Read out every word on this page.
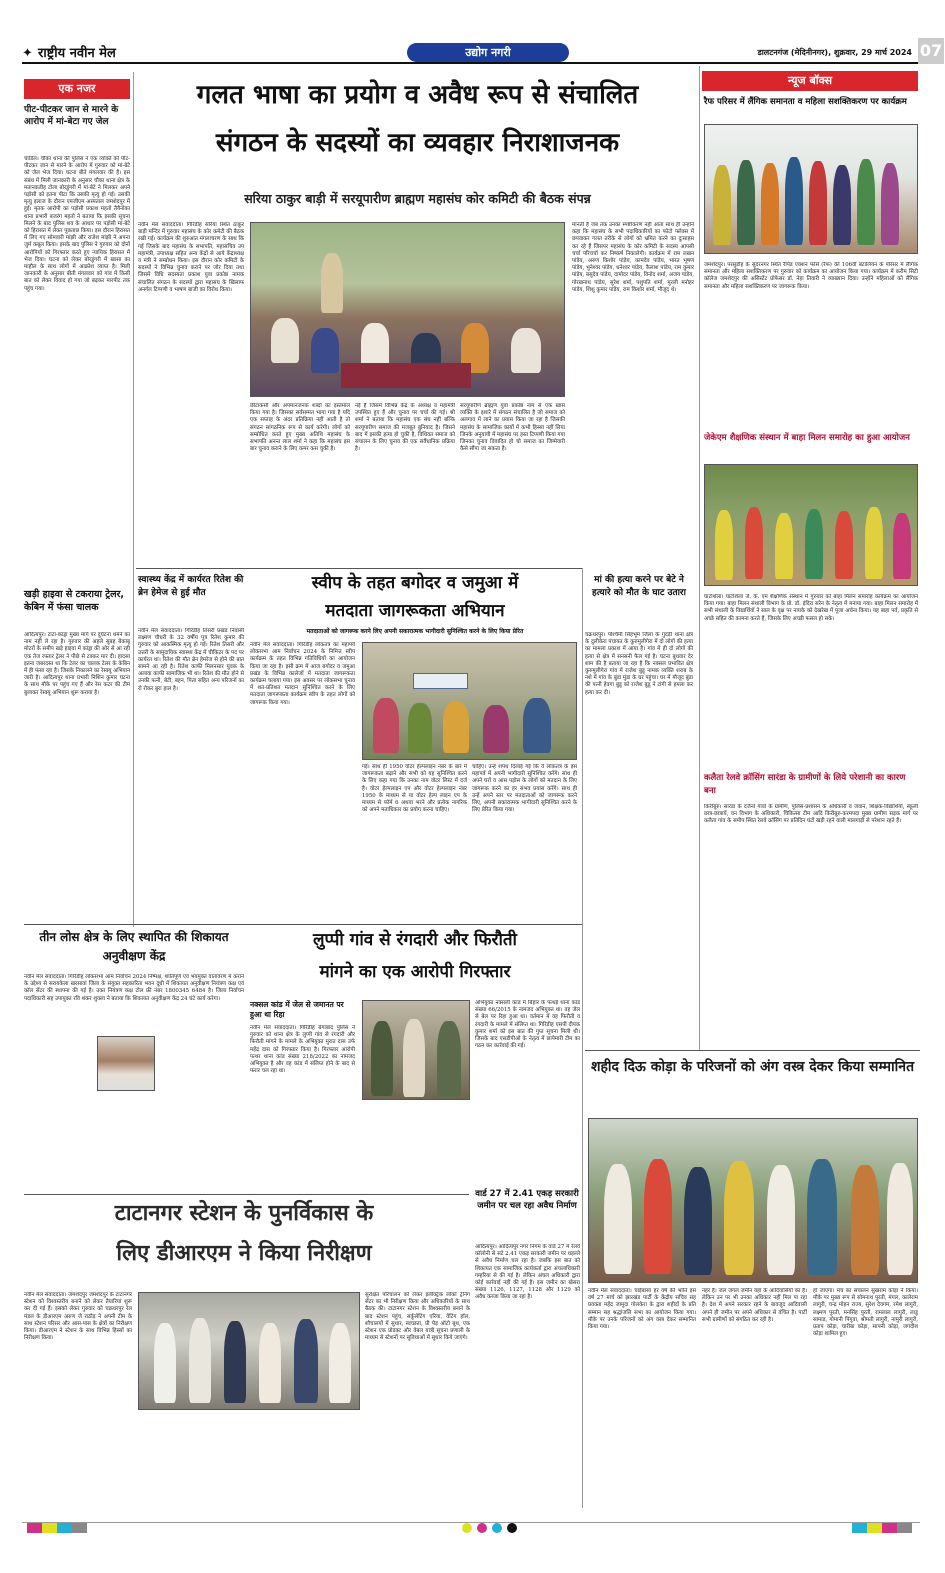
✦ राष्ट्रीय नवीन मेल	उद्योग नगरी	डालटनगंज (मेदिनीनगर), शुक्रवार, 29 मार्च 2024 07
एक नजर
पीट-पीटकर जान से मारने के आरोप में मां-बेटा गए जेल
चाडिल। चौका थाना की पुलिस ने एक व्यक्ति को पीट-पीटकर जान से मारने के आरोप में गुरुवार को मां-बेटे को जेल भेज दिया। घटना बीते मंगलवार की है। इस संबंध में मिली जानकारी के अनुसार चौका थाना क्षेत्र के मतानकडीह टोला बोरडुंगरी में मां-बेटे ने मिलकर अपने पड़ोसी को इतना पीटा कि उसकी मृत्यु हो गई। उसकी मृत्यु इलाज के दौरान एमजीएम अस्पताल जमशेदपुर में हुई। मृतक आरोपी का पड़ोसी प्रकाश महतो तैयैनोका थाना प्रभारी बजरंग महतो ने बताया कि इसकी सूचना मिलने के बाद पुलिस शव के आधार पर पड़ोसी मां-बेटे को हिरासत में लेकर पूछताछ किया। इस दौरान हिरासत में लिए गए सोमवारी मांझी और राजेश मांझी ने अपना जुर्म कबूल किया। इसके बाद पुलिस ने गुरुवार को दोनों आरोपियों को गिरफ्तार करते हुए न्यायिक हिरासत में भेज दिया। घटना को लेकर बोरडुंगरी में खासा का माहौल के साथ लोगों में आक्रोश व्याप्त है। मिली जानकारी के अनुसार बीती मंगलवार को गांव में किसी बात को लेकर विवाद हो गया जो बढ़कर मारपीट तक पहुंच गया।
खड़ी हाइवा से टकराया ट्रेलर, केबिन में फंसा चालक
आदित्यपुर। टाटा-कांड्रा मुख्य मार्ग पर दुर्घटना थमने का नाम नहीं ले रहा है। गुरुवार की अहले सुबह बेकाबू मोटरों के समीप खड़े हाइवा में कांड्रा की ओर से आ रही एक तेज रफ्तार ट्रेलर ने पीछे से टक्कर मार दी। हादसा इतना जबरदस्त था कि टेलर का चालक टेलर के केबिन में ही फंसा रहा है। जिसके निकालने का रेस्क्यू अभियान जारी है। आदित्यपुर थाना प्रभारी निशिन कुमार घटना के साथ मौके पर पहुंच गए हैं और रेस कटर की टीम बुलाकर रेस्क्यू अभियान शुरू कराया है।
गलत भाषा का प्रयोग व अवैध रूप से संचालित
संगठन के सदस्यों का व्यवहार निराशाजनक
सरिया ठाकुर बाड़ी में सरयूपारीण ब्राह्मण महासंघ कोर कमिटी की बैठक संपन्न
नवीन मेल संवाददाता। गिरिडीह सरिया स्थित ठाकुर बाड़ी मन्दिर में गुरुवार महासंघ के कोर कमेटी की बैठक रखी गई। कार्यक्रम की शुरुआत मंगलाचरण के साथ कि गई जिसके बाद महासंघ के सभापति, महासचिव उप महामंत्री, उपाध्यक्ष सहित अन्य केंद्रों से आये केंद्राध्यक्ष व मंत्री ने सम्बोधन किया। इस दौरान कोर कमिटी के सदस्यों ने विभिन्न चुनाव कराने पर जोर दिया तथा जिसमें विधि सदस्यता प्रकाश युवा प्रकोष्ठ नामक संचालित संगठन के सदस्यों द्वारा महासंघ के खिलाफ अनर्गल टिप्पणी व भाषण बाजी का विरोध किया।
छीटाकसी और अपमानजनक शब्दों का इस्तेमाल किया गया है। जिसका सर्वसम्मत भागा गया है यदि एक सप्ताह के अंदर प्रतिक्रिया नहीं आती है तो संगठन सांगठनिक रूप से कार्य करेगी। लोगों को सम्बोधित करते हुए मुख्य अतिथि महासंघ के सभापति अनन्त लाल शर्मा ने कहा कि महासंघ इस बार चुनाव कराने के लिए कमर कस चुकी है।
नई है जिसमें विभिन्न केंद्र के अध्यक्ष व महामंत्री उपस्थित हुए हैं और चुनाव पर चर्चा की गई। श्री शर्मा ने बताया कि महासंघ एक संघ नहीं बल्कि सरयूपारीण समाज की मजबूत बुनियाद है। जिसने बाद में इसकी हत्या हो चुकी है, विधिवत समाज को संचालन के लिए चुनाव की एक सर्वैधानिक प्रक्रिया है।
सरयूपारीण ब्राह्मण युवा प्रकोष्ठ नाम से एक खास व्यक्ति के इशारे में संगठन संचालित है जो समाज को अलगाव में लाने का प्रयास किया जा रहा है जिसकी महासंघ के सामाजिक कार्यो में कभी हिस्सा नहीं लिया जिनके अनुयायी में महासंघ पर हस्त टिप्पणी किया गया जिनका चुनाव विवादित हो चो समाज का जिम्मेवारी कैसे सौंपा जा सकता है।
मानती है जब तक उनका स्पष्टीकरण नहीं आता साथ ही उन्होंने कहा कि महासंघ के सभी पदाधिकारियों का फोटो फ्लेक्स में छपवाकर गलत तरीके से लोगों को भ्रमित करने का दुःसाहस कर रहे हैं जिसपर महासंघ के कोर कमिटी के सदस्य आपसी चर्चा परिचर्चा कर निष्कर्ष निकालेगी। कार्यक्रम में राम लखन पांडेय, अरुण किशोर पांडेय, कामदेव पांडेय, भारत भूषण पांडेय, भुनेश्वर पांडेय, धनेश्वर पांडेय, कैलाश पांडेय, राम कुमार पांडेय, बसुदेव पांडेय, दामोदर पांडेय, विनोद शर्मा, अजय पांडेय, गोरखनाथ पांडेय, सुरेश शर्मा, पशुपति शर्मा, मुरली मनोहर पांडेय, शिशु कुमार पांडेय, राम किशोर शर्मा, मौजूद थे।
स्वास्थ्य केंद्र में कार्यरत रितेश की ब्रेन हेमेज से हुई मौत
नवीन मेल संवाददाता। गिरिडीह तिसरी प्रखंड निवासी लक्ष्मण चौधरी के 32 वर्षीय पुत्र रितेश कुमार की गुरुवार को आकस्मिक मृत्यु हो गई। रितेश तिसरी और उत्तरी के सामुदायिक स्वास्थ्य केंद्र में चीकिटर के पद पर कार्यरत था। रितेश की मौत ब्रेन हेमरेज से होने की बात सामने आ रही है। रितेश काफी मिलनसार युवक के अलावा काफी सामाजिक भी था। रितेश की मौत होने से उनकी पत्नी, बेटी, बहन, पिता सहित अन्य परिजनों का रो रोकर बुरा हाल है।
स्वीप के तहत बगोदर व जमुआ में
मतदाता जागरूकता अभियान
मतदाताओं को जागरूक करने लिए अपनी सकारात्मक भागीदारी सुनिश्चित करने के लिए किया प्रेरित
नवीन मेल संवाददाता। गिरिडीह लोकतंत्र का महापर्व लोकसभा आम निर्वाचन 2024 के निमित्त स्वीप कार्यक्रम के तहत विभिन्न गतिविधियों का आयोजन किया जा रहा है। इसी क्रम में आज बगोदर व जमुआ प्रखंड के विभिन्न कालेजों में मतदाता जागरूकता कार्यक्रम चलाया गया। इस अवसर पर लोकसभा चुनाव में शत-प्रतिशत मतदान सुनिश्चित करने के लिए मतदाता जागरूकता कार्यक्रम स्वीप के तहत लोगों को जागरूक किया गया।
गई। साथ ही 1950 वोटर हेल्पलाइन नंबर के बारे में जागरूकता बढ़ाने और सभी को यह सुनिश्चित करने के लिए कहा गया कि उनका नाम वोटर लिस्ट में दर्ज है। वोटर हेल्पलाइन एप और वोटर हेल्पलाइन नंबर 1950 के माध्यम से या वोटर हेल्प लाइन एप के माध्यम से फॉर्म 6 अथवा भरने और प्रत्येक नागरिक को अपने मताधिकार का प्रयोग करना चाहिए।
चाहिए। उन्हें शपथ दिलाई गई कि वे लोकतंत्र के इस महापर्व में अपनी भागीदारी सुनिश्चित करेंगे। साथ ही अपने घरों व आस पड़ोस के लोगों को मतदान के लिए जागरूक करने का हर संभव प्रयास करेंगे। साथ ही उन्हें अपने स्तर पर मतदाताओं को जागरूक करने लिए, अपनी सकारात्मक भागीदारी सुनिश्चित करने के लिए प्रेरित किया गया।
मां की हत्या करने पर बेटे ने हत्यारे को मौत के घाट उतारा
चक्रधरपुर। पश्चिमी सिंहभूम जिला के गुदड़ी थाना क्षेत्र के दुलीकेरा पंचायत के कुरुमुलीगेरा में दो लोगों की हत्या का मामला प्रकाश में आया है। गांव में ही दो लोगों की हत्या से क्षेत्र में सनसनी फैल गई है। घटना बुधवार देर शाम की है बताया जा रहा है कि नक्सल प्रभावित क्षेत्र कुरुमुलीगेरा गांव में राजेश बुडू नामक व्यक्ति शराब के नशे में गांव के बुंडा मुंडा के घर पहुंचा। घर में मौजूद बुंडा की पत्नी हेवगा बुडू को राजेश बुडू ने टांगी से हमला कर हत्या कर दी।
तीन लोस क्षेत्र के लिए स्थापित की शिकायत अनुवीक्षण केंद्र
नवीन मेल संवाददाता। गिरिडीह लोकसभा आम निर्वाचन 2024 निष्पक्ष, शांतिपूर्ण एवं भयमुक्त वातावरण में कराने के उद्देश्य से सरायकेला खरसावां जिला के संयुक्त सहकारिता भवन दूधी में शिकायत अनुवीक्षण नियंत्रण कक्ष एवं कॉल सेंटर की स्थापना की गई है। उक्त नियंत्रण कक्ष टोल फ्री नंबर 1800345 6484 है। जिला निर्वाचन पदाधिकारी सह उपायुक्त रवि शंकर शुक्ला ने बताया कि शिकायत अनुवीक्षण केंद्र 24 घंटे कार्य करेगा।
लुप्पी गांव से रंगदारी और फिरौती
मांगने का एक आरोपी गिरफ्तार
नक्सल कांड में जेल से जमानत पर हुआ था रिहा
नवीन मेल संवाददाता। गिरिडीह बेंगाबाद पुलिस ने गुरुवार को थाना क्षेत्र के लुप्पी गांव से रंगदारी और फिरौती मांगने के मामले के अभियुक्त मुरात दास उर्फ महेंद्र दास को गिरफ्तार किया है। गिरफ्तार आरोपी पत्थर थाना कांड संख्या 218/2022 का नामजद अभियुक्त है और वह कांड में संलिप्त होने के बाद से फरार चल रहा था।
अभियुक्त नक्सली कांड में बिहार के पत्थई थाना कांड संख्या 66/2015 के नामजद अभियुक्त था। वह जेल से बेल पर रिहा हुआ था। वर्तमान में वह फिरौती व रंगदारी के मामले में संलिप्त था। गिरिडीह एसपी दीपक कुमार शर्मा को इस बात की गुप्त सूचना मिली थी। जिसके बाद एसडीपीओ के नेतृत्व में छापेमारी टीम का गठन कर कार्रवाई की गई।
वार्ड 27 में 2.41 एकड़ सरकारी जमीन पर चल रहा अवैध निर्माण
आदित्यपुर। आदित्यपुर नगर निगम के वार्ड 27 में रेलवे कॉलोनी से सटे 2.41 एकड़ सरकारी जमीन पर धड़ल्ले से अवैध निर्माण चल रहा है। जबकि इस बात को शिकायत एक सामाजिक कार्यकर्ता द्वारा अंचलाधिकारी गम्हरिया से की गई है। लेकिन अंचल अधिकारी द्वारा कोई कार्रवाई नहीं की गई है। इस जमीन का खेसरा संख्या 1126, 1127, 1128 और 1129 को अवैध कब्जा किया जा रहा है।
टाटानगर स्टेशन के पुनर्विकास के
लिए डीआरएम ने किया निरीक्षण
नवीन मेल संवाददाता। जमशेदपुर जमशेदपुर के टाटानगर स्टेशन को विश्वस्तरीय बनाने को लेकर तैयारियां शुरू कर दी गई हैं। इसको लेकर गुरुवार को चक्रधरपुर रेल मंडल के डीआरएम अरुण जे राठौड़ ने अपनी टीम के साथ स्टेशन परिसर और आस-पास के क्षेत्रों का निरीक्षण किया। डीआरएम ने स्टेशन के साथ विभिन्न हिस्सों का निरीक्षण किया।
सुरक्षित परिचालन को लेकर इलेक्ट्रिक लोको ट्रेनिंग सेंटर का भी निरीक्षण किया और अधिकारियों के साथ बैठक की। टाटानगर स्टेशन के विश्वस्तरीय बनाने के बाद स्टेशन पहुंच, सर्कुलेटिंग एरिया, वेटिंग हॉल, शौचालयों में सुधार, स्वच्छता, प्री पेड़ ऑटो बूथ, एक स्टेशन एक प्रोडक्ट और वेबल यात्री सूचना प्रणाली के माध्यम से स्टेशनों पर सुविधाओं में सुधार किये जाएंगे।
न्यूज बॉक्स
रैफ परिसर में लैंगिक समानता व महिला सशक्तिकरण पर कार्यक्रम
जमशेदपुर। परसुडीह के सुंदरनगर स्थित रैपिड एक्शन फोर्स (रैफ) की 106वीं बटालियन के परिसर में लैंगिक समानता और महिला सशक्तिकरण पर गुरुवार को कार्यक्रम का आयोजन किया गया। कार्यक्रम में करीम सिटी कॉलेज जमशेदपुर की असिस्टेंट प्रोफेसर डॉ. नेहा तिवारी ने व्याख्यान दिया। उन्होंने महिलाओं को लैंगिक समानता और महिला सशक्तिकरण पर जागरूक किया।
जेकेएम शैक्षणिक संस्थान में बाहा मिलन समारोह का हुआ आयोजन
घाटशिला। घाटशिला जे. के. एम शैक्षणिक संस्थान में गुरुवार को बाहा मिलन समारोह कार्यक्रम का आयोजन किया गया। बाहा मिलन संथाली विभाग के प्रो. डॉ. इंदिरा सरेन के नेतृत्व में मनाया गया। बाहा मिलन समारोह में सभी संथाली के विद्यार्थियों ने साल के वृक्ष पर नायके को देखरेख में पूजा अर्चना किया। यह बाहा पर्व, प्रकृति से अच्छे सहित की कामना करते हैं, जिसके लिए अच्छी फसल हो सके।
कलैता रेलवे क्रॉसिंग सारंडा के ग्रामीणों के लिये परेशानी का कारण बना
किरीबुरु। सारंडा के दर्जनों गांवों के ग्रामीण, पुलिस-प्रशासन के अधिकारी व जवान, शिक्षक-विद्यार्थियों, स्कूली छात्र-छात्रायें, वन विभाग के अधिकारी, चिकित्सा टीम आदि किरीबुरु-करमपदा मुख्य ग्रामीण सड़क मार्ग पर कलैता गांव के समीप स्थित रेलवे क्रॉसिंग पर प्रतिदिन घंटों खड़ी रहने वाली मालगाड़ी से परेशान रहते हैं।
शहीद दिऊ कोड़ा के परिजनों को अंग वस्त्र देकर किया सम्मानित
नवीन मेल संवाददाता। चाईबासा हर वर्ष की भांति इस वर्ष 27 मार्च को झारखंड पार्टी के केंद्रीय सचिव सह प्रवक्ता महेंद्र जामुदा गोलकेरा के द्वारा शहीदों के प्रति सम्मान सह श्रद्धांजलि सभा का आयोजन किया गया। मौके पर उनके परिजनों को अंग वस्त्र देकर सम्मानित किया गया।
नहर है। जल जंगल जमीन यहां के आदिवासियों का है। लेकिन उन पर भी उनका अधिकार नहीं मिल पा रहा है। देश में अपने सरकार रहने के बावजूद आदिवासी अपने ही जमीन पर अपने अधिकार से वंचित है। पार्टी सभी ग्रामीणों को संगठित कर रही है।
हो जाएगा। मंच का संचालन सुखराम कोड़ा ने किया। मौके पर मुख्य रूप से सोमनाथ पुरती, मंगल, कालेराम लागुरी, चन्द्र मोहन राज्य, सुरेश देवगम, रमेश लागुरी, लक्ष्मण पुरती, मनसिंह पुरती, रामलाल लागुरी, लाडू सामाड, गोमानी पिंगुवा, श्रीमती लागुरी, नामुरी लागुरी, प्रताप कोड़ा, चारीबा कोड़ा, सापनी कोड़ा, जगदीश कोड़ा शामिल हुए।
